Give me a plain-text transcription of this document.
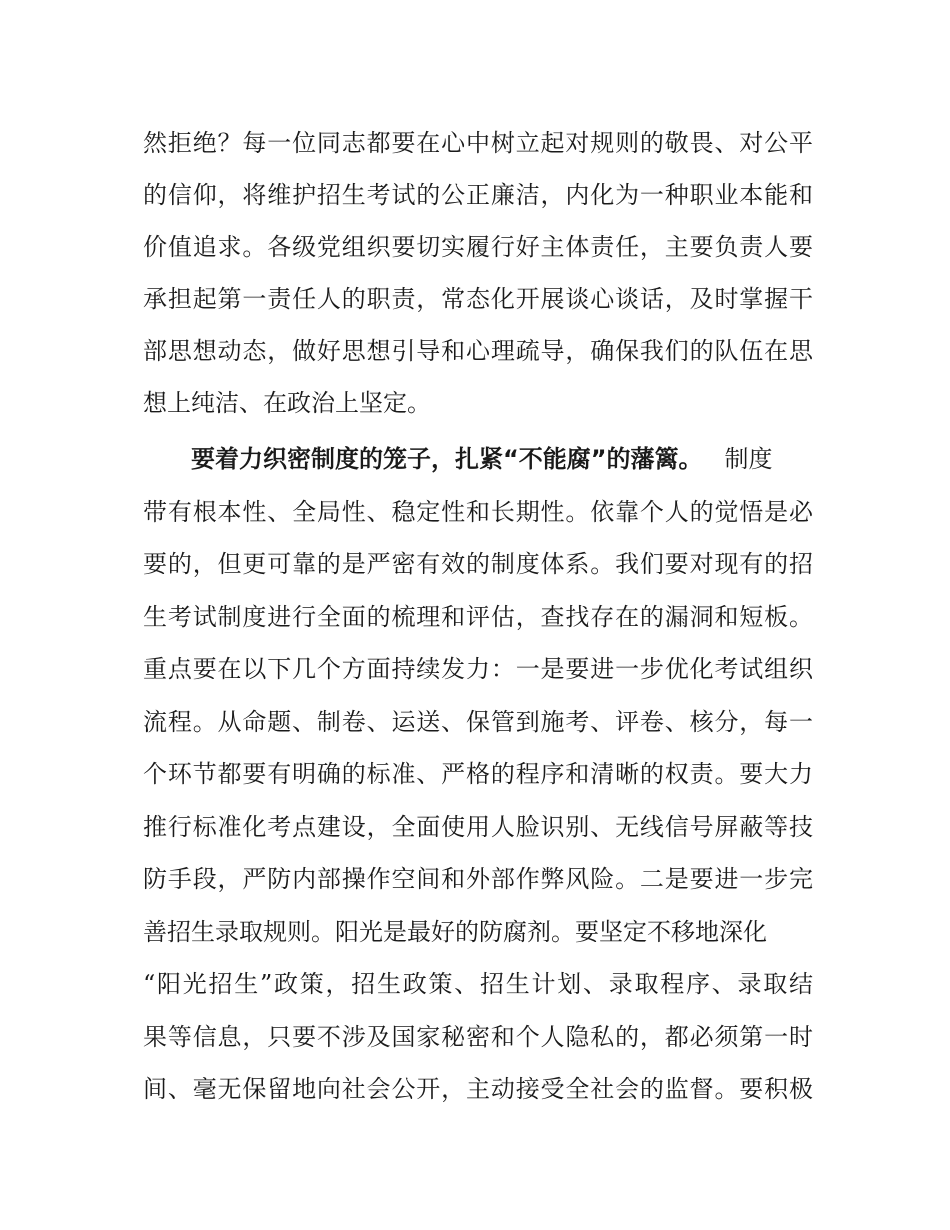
然拒绝？每一位同志都要在心中树立起对规则的敬畏、对公平
的信仰，将维护招生考试的公正廉洁，内化为一种职业本能和
价值追求。各级党组织要切实履行好主体责任，主要负责人要
承担起第一责任人的职责，常态化开展谈心谈话，及时掌握干
部思想动态，做好思想引导和心理疏导，确保我们的队伍在思
想上纯洁、在政治上坚定。
要着力织密制度的笼子，扎紧“不能腐”的藩篱。 制度
带有根本性、全局性、稳定性和长期性。依靠个人的觉悟是必
要的，但更可靠的是严密有效的制度体系。我们要对现有的招
生考试制度进行全面的梳理和评估，查找存在的漏洞和短板。
重点要在以下几个方面持续发力：一是要进一步优化考试组织
流程。从命题、制卷、运送、保管到施考、评卷、核分，每一
个环节都要有明确的标准、严格的程序和清晰的权责。要大力
推行标准化考点建设，全面使用人脸识别、无线信号屏蔽等技
防手段，严防内部操作空间和外部作弊风险。二是要进一步完
善招生录取规则。阳光是最好的防腐剂。要坚定不移地深化
“阳光招生”政策，招生政策、招生计划、录取程序、录取结
果等信息，只要不涉及国家秘密和个人隐私的，都必须第一时
间、毫无保留地向社会公开，主动接受全社会的监督。要积极
